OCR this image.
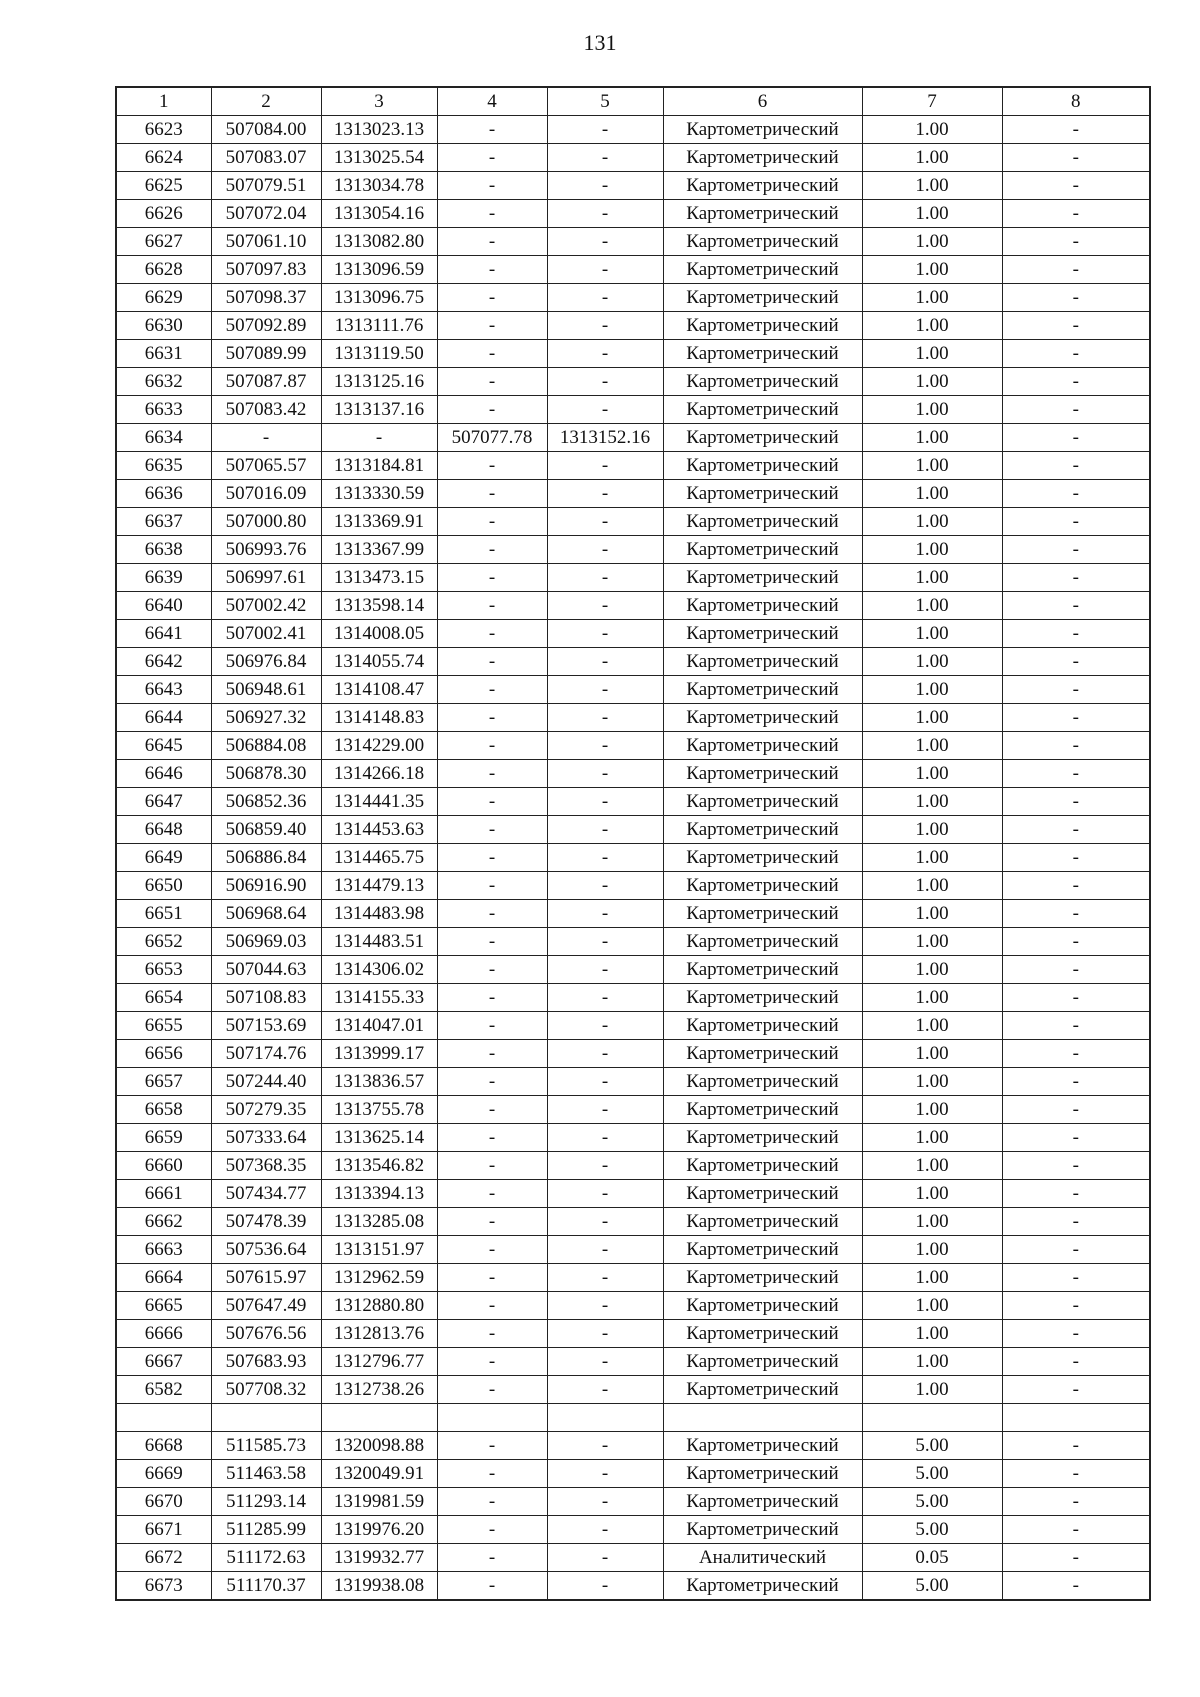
131
1	2	3	4	5	6	7	8
6623	507084.00	1313023.13	-	-	Картометрический	1.00	-
6624	507083.07	1313025.54	-	-	Картометрический	1.00	-
6625	507079.51	1313034.78	-	-	Картометрический	1.00	-
6626	507072.04	1313054.16	-	-	Картометрический	1.00	-
6627	507061.10	1313082.80	-	-	Картометрический	1.00	-
6628	507097.83	1313096.59	-	-	Картометрический	1.00	-
6629	507098.37	1313096.75	-	-	Картометрический	1.00	-
6630	507092.89	1313111.76	-	-	Картометрический	1.00	-
6631	507089.99	1313119.50	-	-	Картометрический	1.00	-
6632	507087.87	1313125.16	-	-	Картометрический	1.00	-
6633	507083.42	1313137.16	-	-	Картометрический	1.00	-
6634	-	-	507077.78	1313152.16	Картометрический	1.00	-
6635	507065.57	1313184.81	-	-	Картометрический	1.00	-
6636	507016.09	1313330.59	-	-	Картометрический	1.00	-
6637	507000.80	1313369.91	-	-	Картометрический	1.00	-
6638	506993.76	1313367.99	-	-	Картометрический	1.00	-
6639	506997.61	1313473.15	-	-	Картометрический	1.00	-
6640	507002.42	1313598.14	-	-	Картометрический	1.00	-
6641	507002.41	1314008.05	-	-	Картометрический	1.00	-
6642	506976.84	1314055.74	-	-	Картометрический	1.00	-
6643	506948.61	1314108.47	-	-	Картометрический	1.00	-
6644	506927.32	1314148.83	-	-	Картометрический	1.00	-
6645	506884.08	1314229.00	-	-	Картометрический	1.00	-
6646	506878.30	1314266.18	-	-	Картометрический	1.00	-
6647	506852.36	1314441.35	-	-	Картометрический	1.00	-
6648	506859.40	1314453.63	-	-	Картометрический	1.00	-
6649	506886.84	1314465.75	-	-	Картометрический	1.00	-
6650	506916.90	1314479.13	-	-	Картометрический	1.00	-
6651	506968.64	1314483.98	-	-	Картометрический	1.00	-
6652	506969.03	1314483.51	-	-	Картометрический	1.00	-
6653	507044.63	1314306.02	-	-	Картометрический	1.00	-
6654	507108.83	1314155.33	-	-	Картометрический	1.00	-
6655	507153.69	1314047.01	-	-	Картометрический	1.00	-
6656	507174.76	1313999.17	-	-	Картометрический	1.00	-
6657	507244.40	1313836.57	-	-	Картометрический	1.00	-
6658	507279.35	1313755.78	-	-	Картометрический	1.00	-
6659	507333.64	1313625.14	-	-	Картометрический	1.00	-
6660	507368.35	1313546.82	-	-	Картометрический	1.00	-
6661	507434.77	1313394.13	-	-	Картометрический	1.00	-
6662	507478.39	1313285.08	-	-	Картометрический	1.00	-
6663	507536.64	1313151.97	-	-	Картометрический	1.00	-
6664	507615.97	1312962.59	-	-	Картометрический	1.00	-
6665	507647.49	1312880.80	-	-	Картометрический	1.00	-
6666	507676.56	1312813.76	-	-	Картометрический	1.00	-
6667	507683.93	1312796.77	-	-	Картометрический	1.00	-
6582	507708.32	1312738.26	-	-	Картометрический	1.00	-

6668	511585.73	1320098.88	-	-	Картометрический	5.00	-
6669	511463.58	1320049.91	-	-	Картометрический	5.00	-
6670	511293.14	1319981.59	-	-	Картометрический	5.00	-
6671	511285.99	1319976.20	-	-	Картометрический	5.00	-
6672	511172.63	1319932.77	-	-	Аналитический	0.05	-
6673	511170.37	1319938.08	-	-	Картометрический	5.00	-
